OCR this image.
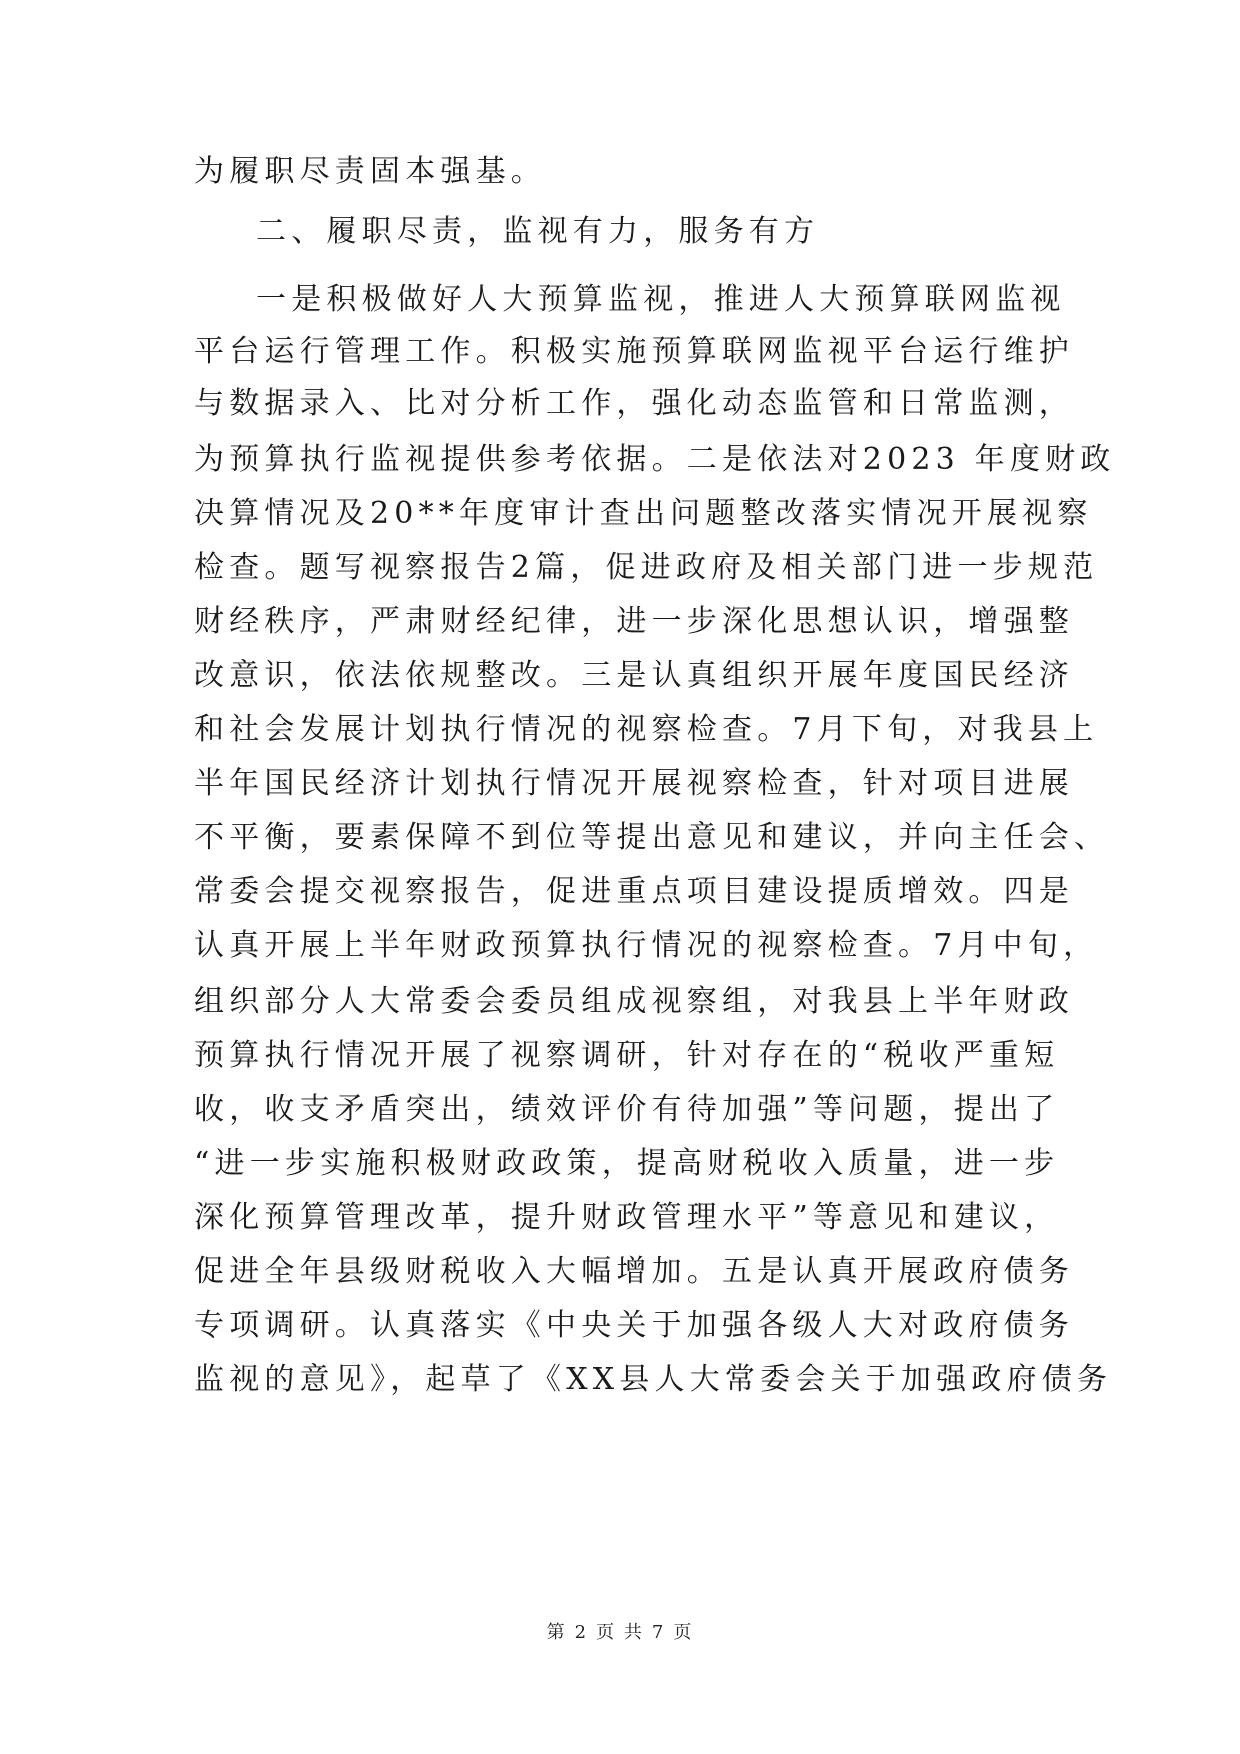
为履职尽责固本强基。
二、履职尽责，监视有力，服务有方
一是积极做好人大预算监视，推进人大预算联网监视
平台运行管理工作。积极实施预算联网监视平台运行维护
与数据录入、比对分析工作，强化动态监管和日常监测，
为预算执行监视提供参考依据。二是依法对2023 年度财政
决算情况及20**年度审计查出问题整改落实情况开展视察
检查。题写视察报告2篇，促进政府及相关部门进一步规范
财经秩序，严肃财经纪律，进一步深化思想认识，增强整
改意识，依法依规整改。三是认真组织开展年度国民经济
和社会发展计划执行情况的视察检查。7月下旬，对我县上
半年国民经济计划执行情况开展视察检查，针对项目进展
不平衡，要素保障不到位等提出意见和建议，并向主任会、
常委会提交视察报告，促进重点项目建设提质增效。四是
认真开展上半年财政预算执行情况的视察检查。7月中旬，
组织部分人大常委会委员组成视察组，对我县上半年财政
预算执行情况开展了视察调研，针对存在的“税收严重短
收，收支矛盾突出，绩效评价有待加强”等问题，提出了
“进一步实施积极财政政策，提高财税收入质量，进一步
深化预算管理改革，提升财政管理水平”等意见和建议，
促进全年县级财税收入大幅增加。五是认真开展政府债务
专项调研。认真落实《中央关于加强各级人大对政府债务
监视的意见》，起草了《XX县人大常委会关于加强政府债务
第 2 页 共 7 页
